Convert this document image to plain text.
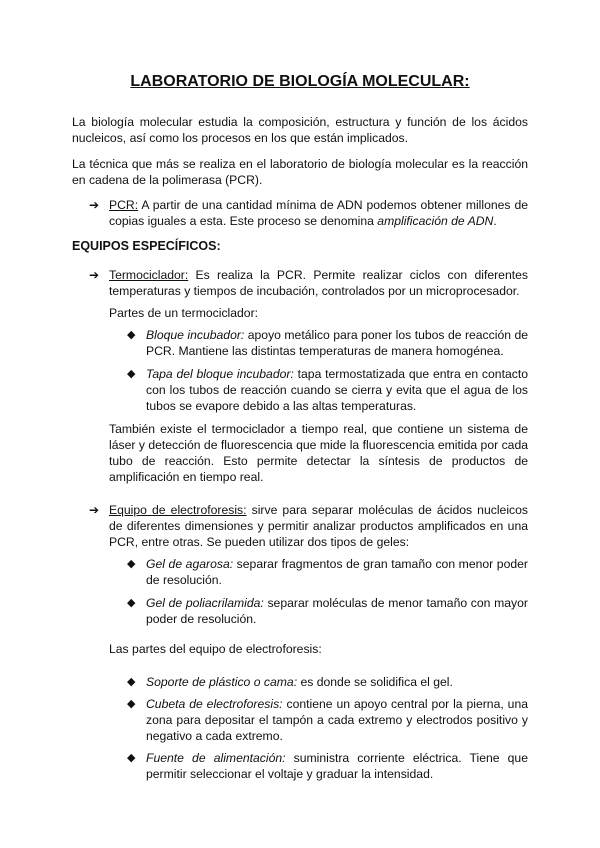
LABORATORIO DE BIOLOGÍA MOLECULAR:
La biología molecular estudia la composición, estructura y función de los ácidos nucleicos, así como los procesos en los que están implicados.
La técnica que más se realiza en el laboratorio de biología molecular es la reacción en cadena de la polimerasa (PCR).
➔ PCR: A partir de una cantidad mínima de ADN podemos obtener millones de copias iguales a esta. Este proceso se denomina amplificación de ADN.
EQUIPOS ESPECÍFICOS:
➔ Termociclador: Es realiza la PCR. Permite realizar ciclos con diferentes temperaturas y tiempos de incubación, controlados por un microprocesador.
Partes de un termociclador:
◆ Bloque incubador: apoyo metálico para poner los tubos de reacción de PCR. Mantiene las distintas temperaturas de manera homogénea.
◆ Tapa del bloque incubador: tapa termostatizada que entra en contacto con los tubos de reacción cuando se cierra y evita que el agua de los tubos se evapore debido a las altas temperaturas.
También existe el termociclador a tiempo real, que contiene un sistema de láser y detección de fluorescencia que mide la fluorescencia emitida por cada tubo de reacción. Esto permite detectar la síntesis de productos de amplificación en tiempo real.
➔ Equipo de electroforesis: sirve para separar moléculas de ácidos nucleicos de diferentes dimensiones y permitir analizar productos amplificados en una PCR, entre otras. Se pueden utilizar dos tipos de geles:
◆ Gel de agarosa: separar fragmentos de gran tamaño con menor poder de resolución.
◆ Gel de poliacrilamida: separar moléculas de menor tamaño con mayor poder de resolución.
Las partes del equipo de electroforesis:
◆ Soporte de plástico o cama: es donde se solidifica el gel.
◆ Cubeta de electroforesis: contiene un apoyo central por la pierna, una zona para depositar el tampón a cada extremo y electrodos positivo y negativo a cada extremo.
◆ Fuente de alimentación: suministra corriente eléctrica. Tiene que permitir seleccionar el voltaje y graduar la intensidad.
